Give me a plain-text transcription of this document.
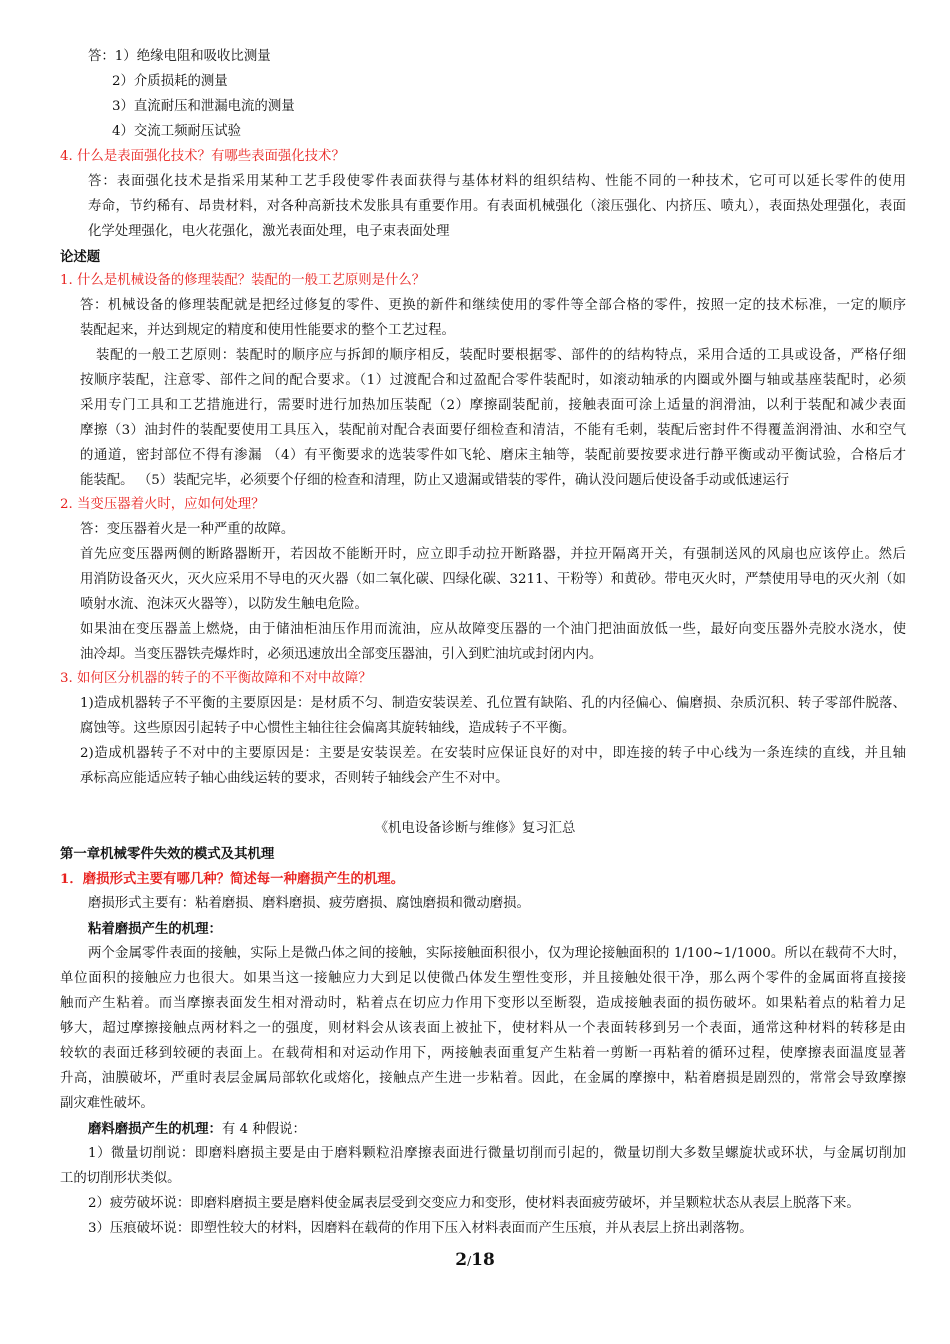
答：1）绝缘电阻和吸收比测量
2）介质损耗的测量
3）直流耐压和泄漏电流的测量
4）交流工频耐压试验
4. 什么是表面强化技术？有哪些表面强化技术？
答：表面强化技术是指采用某种工艺手段使零件表面获得与基体材料的组织结构、性能不同的一种技术，它可可以延长零件的使用
寿命，节约稀有、昂贵材料，对各种高新技术发胀具有重要作用。有表面机械强化（滚压强化、内挤压、喷丸），表面热处理强化，表面
化学处理强化，电火花强化，激光表面处理，电子束表面处理
论述题
1. 什么是机械设备的修理装配？装配的一般工艺原则是什么？
答：机械设备的修理装配就是把经过修复的零件、更换的新件和继续使用的零件等全部合格的零件，按照一定的技术标准，一定的顺序
装配起来，并达到规定的精度和使用性能要求的整个工艺过程。
装配的一般工艺原则：装配时的顺序应与拆卸的顺序相反，装配时要根据零、部件的的结构特点，采用合适的工具或设备，严格仔细
按顺序装配，注意零、部件之间的配合要求。（1）过渡配合和过盈配合零件装配时，如滚动轴承的内圈或外圈与轴或基座装配时，必须
采用专门工具和工艺措施进行，需要时进行加热加压装配（2）摩擦副装配前，接触表面可涂上适量的润滑油，以利于装配和减少表面
摩擦（3）油封件的装配要使用工具压入，装配前对配合表面要仔细检查和清洁，不能有毛刺，装配后密封件不得覆盖润滑油、水和空气
的通道，密封部位不得有渗漏 （4）有平衡要求的选装零件如飞轮、磨床主轴等，装配前要按要求进行静平衡或动平衡试验，合格后才
能装配。 （5）装配完毕，必须要个仔细的检查和清理，防止又遗漏或错装的零件，确认没问题后使设备手动或低速运行
2. 当变压器着火时，应如何处理？
答：变压器着火是一种严重的故障。
首先应变压器两侧的断路器断开，若因故不能断开时，应立即手动拉开断路器，并拉开隔离开关，有强制送风的风扇也应该停止。然后
用消防设备灭火，灭火应采用不导电的灭火器（如二氧化碳、四绿化碳、3211、干粉等）和黄砂。带电灭火时，严禁使用导电的灭火剂（如
喷射水流、泡沫灭火器等），以防发生触电危险。
如果油在变压器盖上燃烧，由于储油柜油压作用而流油，应从故障变压器的一个油门把油面放低一些，最好向变压器外壳胶水浇水，使
油冷却。当变压器铁壳爆炸时，必须迅速放出全部变压器油，引入到贮油坑或封闭内内。
3. 如何区分机器的转子的不平衡故障和不对中故障？
1)造成机器转子不平衡的主要原因是：是材质不匀、制造安装误差、孔位置有缺陷、孔的内径偏心、偏磨损、杂质沉积、转子零部件脱落、
腐蚀等。这些原因引起转子中心惯性主轴往往会偏离其旋转轴线，造成转子不平衡。
2)造成机器转子不对中的主要原因是：主要是安装误差。在安装时应保证良好的对中，即连接的转子中心线为一条连续的直线，并且轴
承标高应能适应转子轴心曲线运转的要求，否则转子轴线会产生不对中。
《机电设备诊断与维修》复习汇总
第一章机械零件失效的模式及其机理
1．磨损形式主要有哪几种？简述每一种磨损产生的机理。
磨损形式主要有：粘着磨损、磨料磨损、疲劳磨损、腐蚀磨损和微动磨损。
粘着磨损产生的机理：
两个金属零件表面的接触，实际上是微凸体之间的接触，实际接触面积很小，仅为理论接触面积的 1/100~1/1000。所以在载荷不大时，
单位面积的接触应力也很大。如果当这一接触应力大到足以使微凸体发生塑性变形，并且接触处很干净，那么两个零件的金属面将直接接
触而产生粘着。而当摩擦表面发生相对滑动时，粘着点在切应力作用下变形以至断裂，造成接触表面的损伤破坏。如果粘着点的粘着力足
够大，超过摩擦接触点两材料之一的强度，则材料会从该表面上被扯下，使材料从一个表面转移到另一个表面，通常这种材料的转移是由
较软的表面迁移到较硬的表面上。在载荷相和对运动作用下，两接触表面重复产生粘着一剪断一再粘着的循环过程，使摩擦表面温度显著
升高，油膜破坏，严重时表层金属局部软化或熔化，接触点产生进一步粘着。因此，在金属的摩擦中，粘着磨损是剧烈的，常常会导致摩擦
副灾难性破坏。
磨料磨损产生的机理：有 4 种假说：
1）微量切削说：即磨料磨损主要是由于磨料颗粒沿摩擦表面进行微量切削而引起的，微量切削大多数呈螺旋状或环状，与金属切削加
工的切削形状类似。
2）疲劳破坏说：即磨料磨损主要是磨料使金属表层受到交变应力和变形，使材料表面疲劳破坏，并呈颗粒状态从表层上脱落下来。
3）压痕破坏说：即塑性较大的材料，因磨料在载荷的作用下压入材料表面而产生压痕，并从表层上挤出剥落物。
2/18
